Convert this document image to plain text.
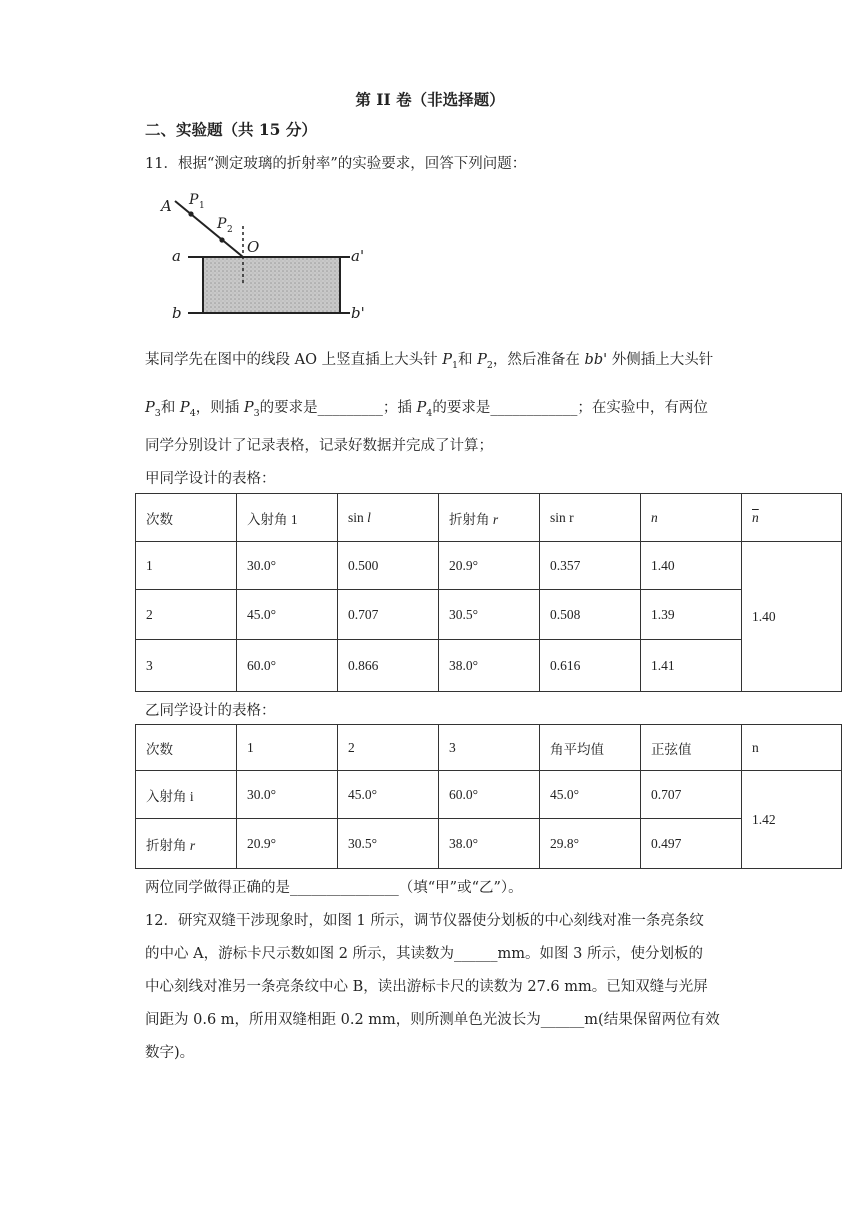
第 II 卷（非选择题）
二、实验题（共 15 分）
11．根据“测定玻璃的折射率”的实验要求，回答下列问题：
A P 1
P 2
O
a	a'
b	b'
某同学先在图中的线段 AO 上竖直插上大头针 $P_1$和 $P_2$，然后准备在 bb' 外侧插上大头针
$P_3$和 $P_4$，则插 $P_3$的要求是_________；插 $P_4$的要求是____________；在实验中，有两位
同学分别设计了记录表格，记录好数据并完成了计算；
甲同学设计的表格：
次数	入射角 1	sin l	折射角 r	sin r	n	$\overline{n}$
1	30.0°	0.500	20.9°	0.357	1.40	1.40
2	45.0°	0.707	30.5°	0.508	1.39	
3	60.0°	0.866	38.0°	0.616	1.41	
乙同学设计的表格：
次数	1	2	3	角平均值	正弦值	n
入射角 i	30.0°	45.0°	60.0°	45.0°	0.707	1.42
折射角 r	20.9°	30.5°	38.0°	29.8°	0.497	
两位同学做得正确的是_______________（填“甲”或“乙”）。
12．研究双缝干涉现象时，如图 1 所示，调节仪器使分划板的中心刻线对准一条亮条纹
的中心 A，游标卡尺示数如图 2 所示，其读数为______mm。如图 3 所示，使分划板的
中心刻线对准另一条亮条纹中心 B，读出游标卡尺的读数为 27.6 mm。已知双缝与光屏
间距为 0.6 m，所用双缝相距 0.2 mm，则所测单色光波长为______m(结果保留两位有效
数字)。
